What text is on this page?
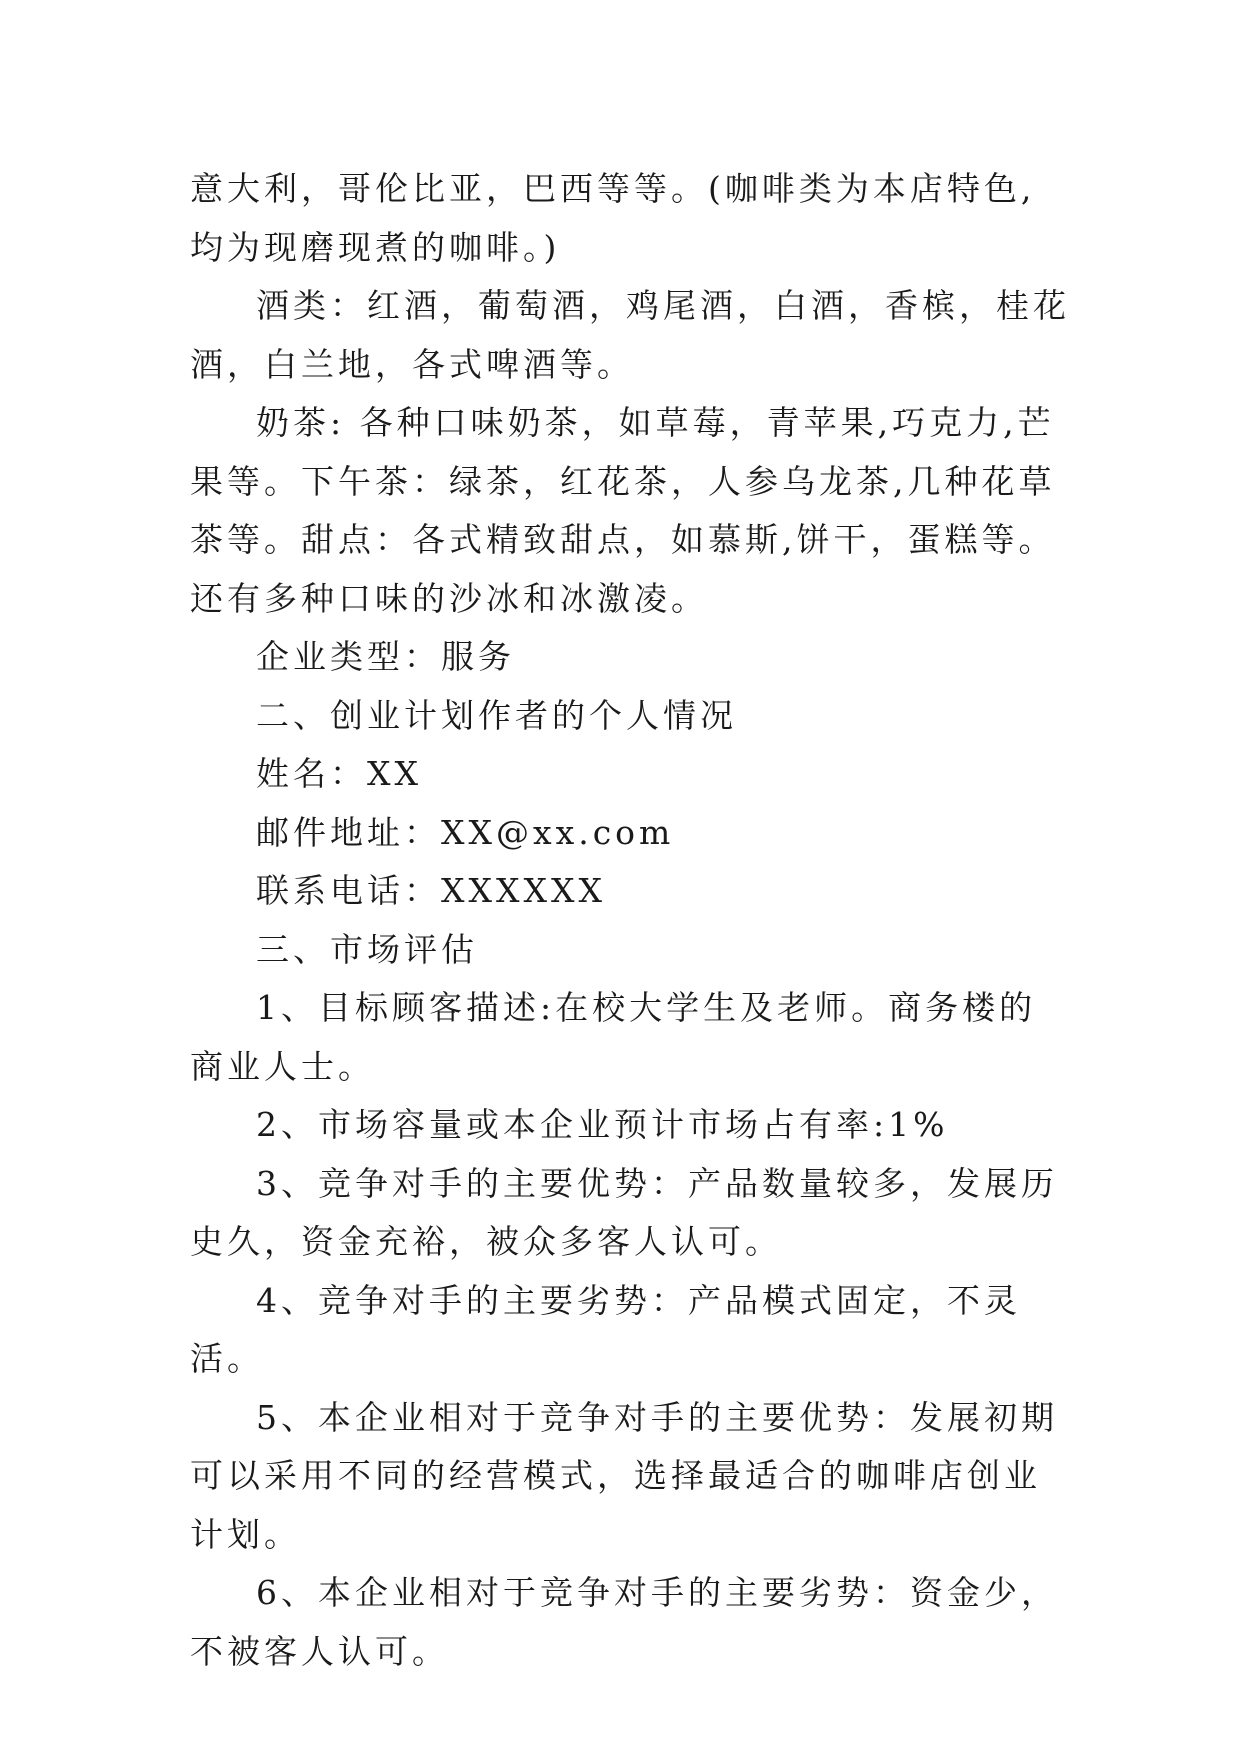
意大利，哥伦比亚，巴西等等。(咖啡类为本店特色,均为现磨现煮的咖啡。)

酒类：红酒，葡萄酒，鸡尾酒，白酒，香槟，桂花酒，白兰地，各式啤酒等。

奶茶: 各种口味奶茶，如草莓，青苹果,巧克力,芒果等。下午茶：绿茶，红花茶，人参乌龙茶,几种花草茶等。甜点：各式精致甜点，如慕斯,饼干，蛋糕等。还有多种口味的沙冰和冰激凌。

企业类型：服务

二、创业计划作者的个人情况

姓名：XX

邮件地址：XX@xx.com

联系电话：XXXXXX

三、市场评估

1、目标顾客描述:在校大学生及老师。商务楼的商业人士。

2、市场容量或本企业预计市场占有率:1%

3、竞争对手的主要优势：产品数量较多，发展历史久，资金充裕，被众多客人认可。

4、竞争对手的主要劣势：产品模式固定，不灵活。

5、本企业相对于竞争对手的主要优势：发展初期可以采用不同的经营模式，选择最适合的咖啡店创业计划。

6、本企业相对于竞争对手的主要劣势：资金少，不被客人认可。
